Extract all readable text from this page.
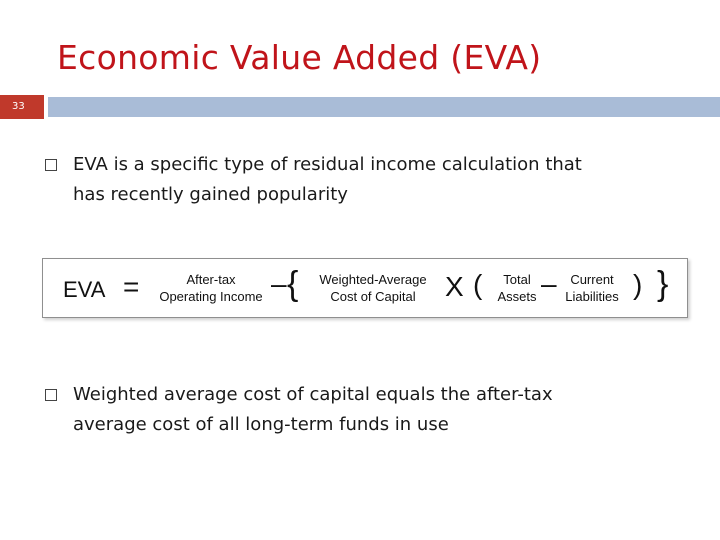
Economic Value Added (EVA)
33
EVA is a specific type of residual income calculation that
has recently gained popularity
EVA =	After-tax
Operating Income – {	Weighted-Average
Cost of Capital	X (	Total
Assets –	Current
Liabilities ) }
Weighted average cost of capital equals the after-tax
average cost of all long-term funds in use
